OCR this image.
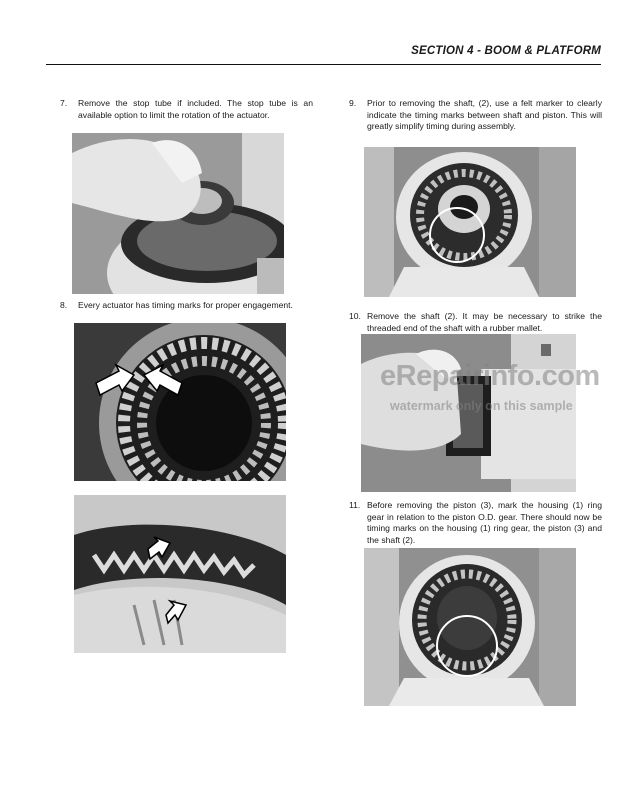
SECTION 4 - BOOM & PLATFORM
7. Remove the stop tube if included. The stop tube is an available option to limit the rotation of the actuator.
8. Every actuator has timing marks for proper engagement.
9. Prior to removing the shaft, (2), use a felt marker to clearly indicate the timing marks between shaft and piston. This will greatly simplify timing during assembly.
10. Remove the shaft (2). It may be necessary to strike the threaded end of the shaft with a rubber mallet.
11. Before removing the piston (3), mark the housing (1) ring gear in relation to the piston O.D. gear. There should now be timing marks on the housing (1) ring gear, the piston (3) and the shaft (2).
eRepairinfo.com
watermark only on this sample
